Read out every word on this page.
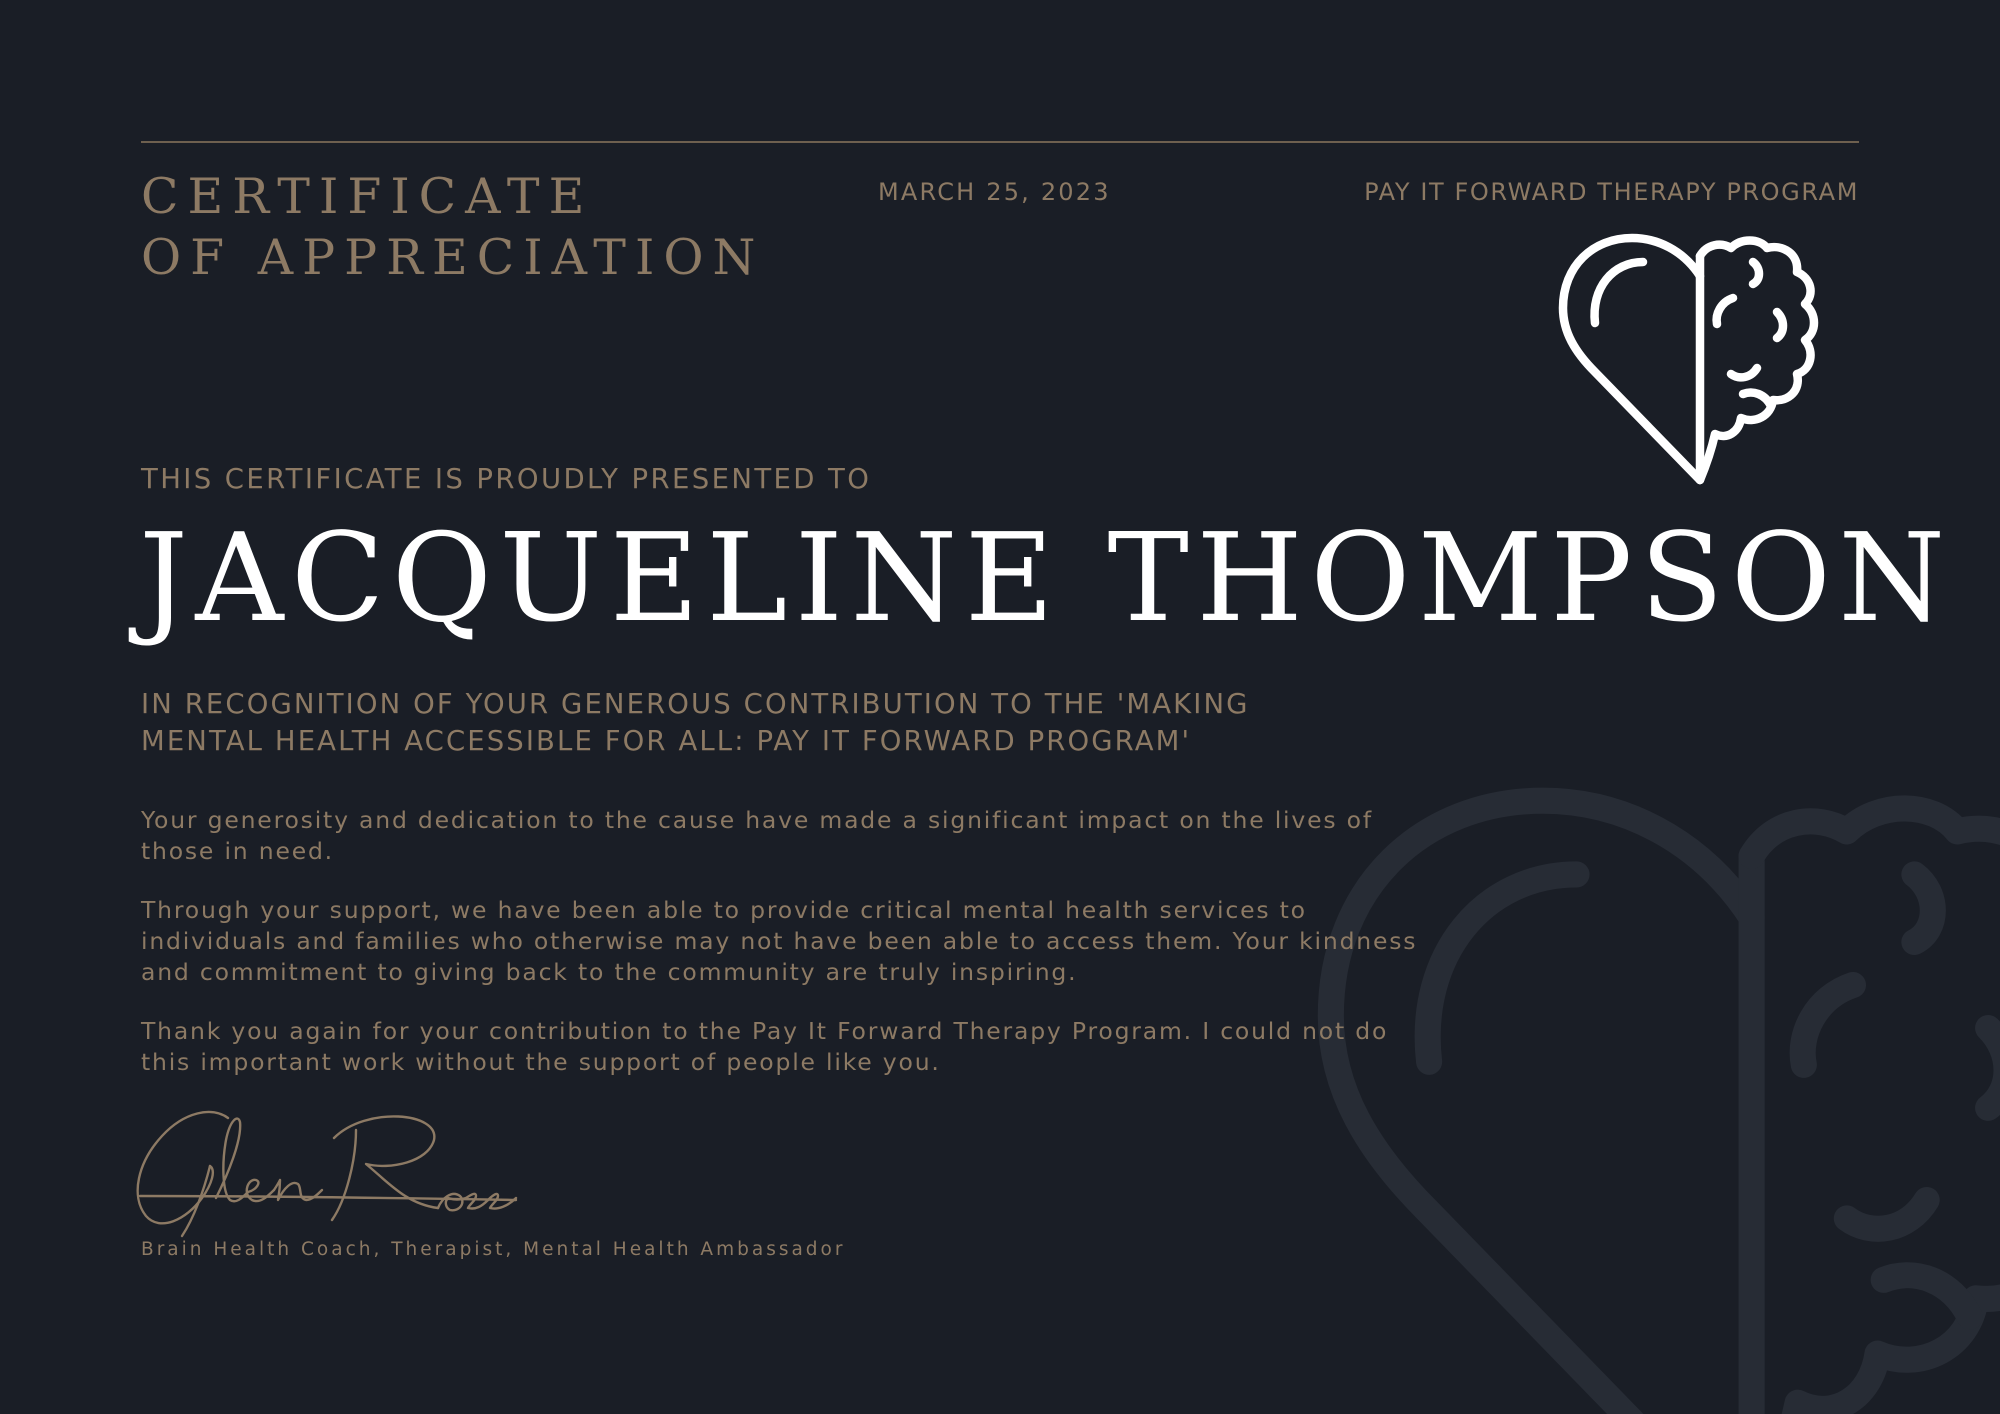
CERTIFICATE
OF APPRECIATION
MARCH 25, 2023	PAY IT FORWARD THERAPY PROGRAM
THIS CERTIFICATE IS PROUDLY PRESENTED TO
JACQUELINE THOMPSON
IN RECOGNITION OF YOUR GENEROUS CONTRIBUTION TO THE 'MAKING
MENTAL HEALTH ACCESSIBLE FOR ALL: PAY IT FORWARD PROGRAM'
Your generosity and dedication to the cause have made a significant impact on the lives of
those in need.
Through your support, we have been able to provide critical mental health services to
individuals and families who otherwise may not have been able to access them. Your kindness
and commitment to giving back to the community are truly inspiring.
Thank you again for your contribution to the Pay It Forward Therapy Program. I could not do
this important work without the support of people like you.
Brain Health Coach, Therapist, Mental Health Ambassador
